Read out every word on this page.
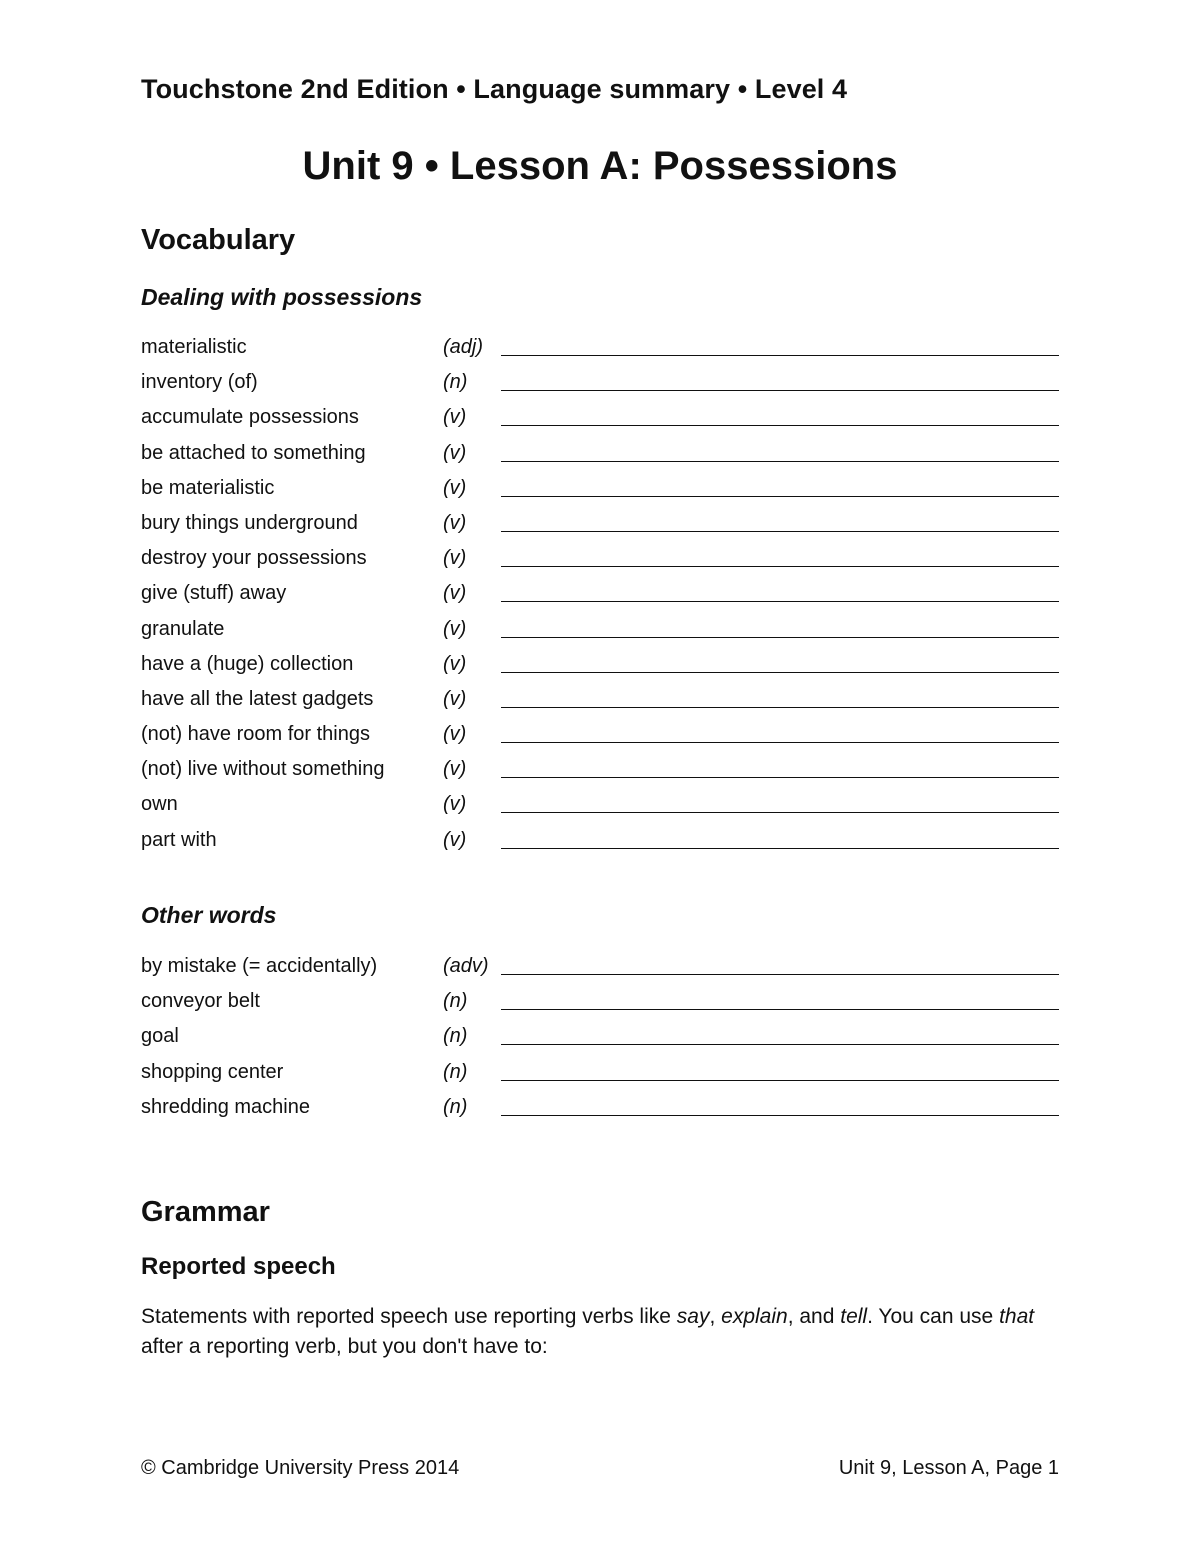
Touchstone 2nd Edition • Language summary • Level 4
Unit 9 • Lesson A: Possessions
Vocabulary
Dealing with possessions
materialistic	(adj)
inventory (of)	(n)
accumulate possessions	(v)
be attached to something	(v)
be materialistic	(v)
bury things underground	(v)
destroy your possessions	(v)
give (stuff) away	(v)
granulate	(v)
have a (huge) collection	(v)
have all the latest gadgets	(v)
(not) have room for things	(v)
(not) live without something	(v)
own	(v)
part with	(v)
Other words
by mistake (= accidentally)	(adv)
conveyor belt	(n)
goal	(n)
shopping center	(n)
shredding machine	(n)
Grammar
Reported speech

Statements with reported speech use reporting verbs like say, explain, and tell. You can use that after a reporting verb, but you don't have to:

© Cambridge University Press 2014	Unit 9, Lesson A, Page 1
